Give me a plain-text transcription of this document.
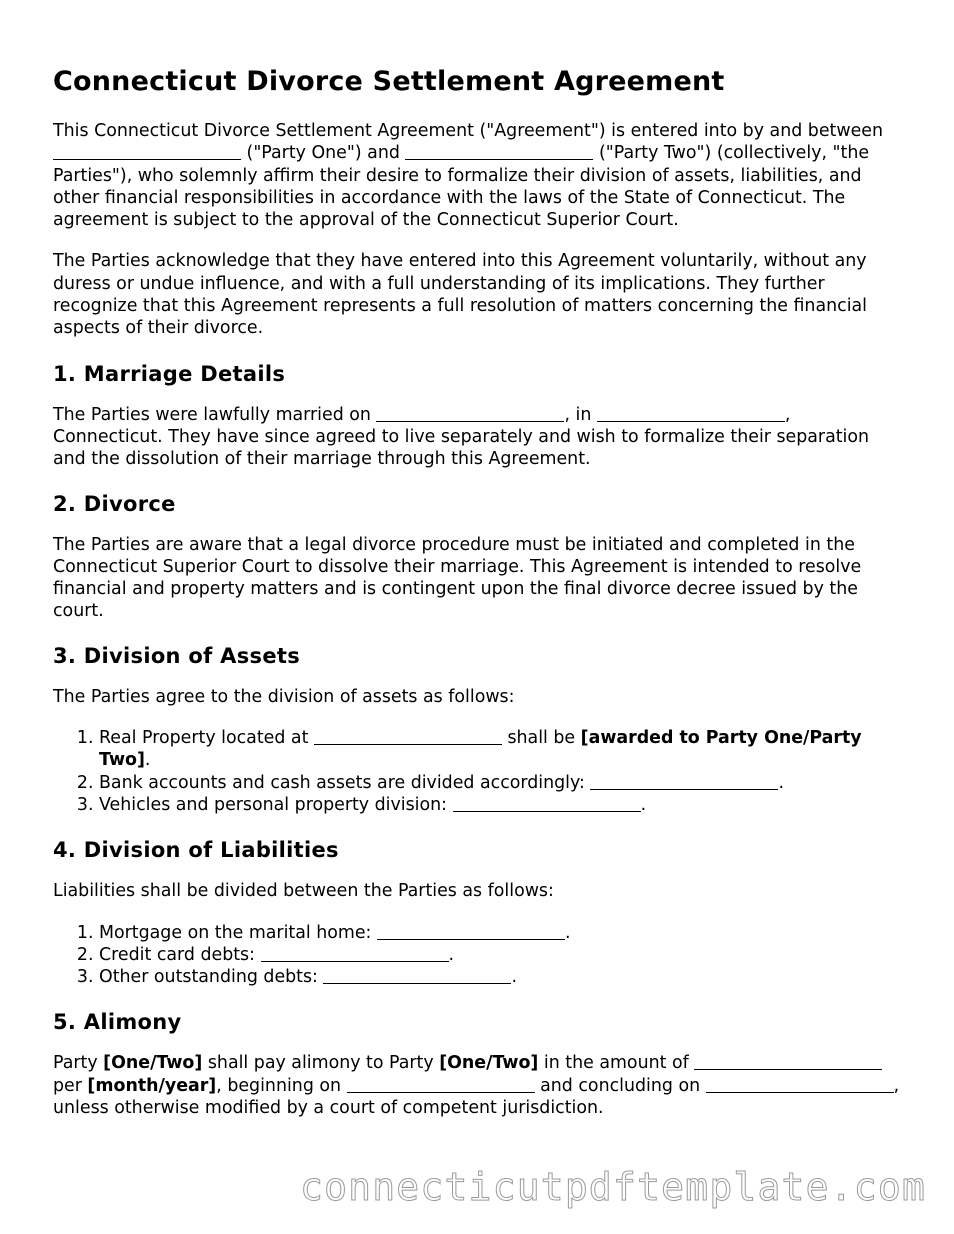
Connecticut Divorce Settlement Agreement

This Connecticut Divorce Settlement Agreement ("Agreement") is entered into by and between  ("Party One") and	("Party Two") (collectively, "the Parties"), who solemnly affirm their desire to formalize their division of assets, liabilities, and other financial responsibilities in accordance with the laws of the State of Connecticut. The agreement is subject to the approval of the Connecticut Superior Court.

The Parties acknowledge that they have entered into this Agreement voluntarily, without any duress or undue influence, and with a full understanding of its implications. They further recognize that this Agreement represents a full resolution of matters concerning the financial aspects of their divorce.

1. Marriage Details

The Parties were lawfully married on	, in	, Connecticut. They have since agreed to live separately and wish to formalize their separation and the dissolution of their marriage through this Agreement.

2. Divorce

The Parties are aware that a legal divorce procedure must be initiated and completed in the Connecticut Superior Court to dissolve their marriage. This Agreement is intended to resolve financial and property matters and is contingent upon the final divorce decree issued by the court.

3. Division of Assets

The Parties agree to the division of assets as follows:

1. Real Property located at	shall be [awarded to Party One/Party Two].
2. Bank accounts and cash assets are divided accordingly:	.
3. Vehicles and personal property division:	.
4. Division of Liabilities

Liabilities shall be divided between the Parties as follows:

1. Mortgage on the marital home:	.
2. Credit card debts:	.
3. Other outstanding debts:	.
5. Alimony

Party [One/Two] shall pay alimony to Party [One/Two] in the amount of  per [month/year], beginning on	and concluding on	, unless otherwise modified by a court of competent jurisdiction.

connecticutpdftemplate.com
